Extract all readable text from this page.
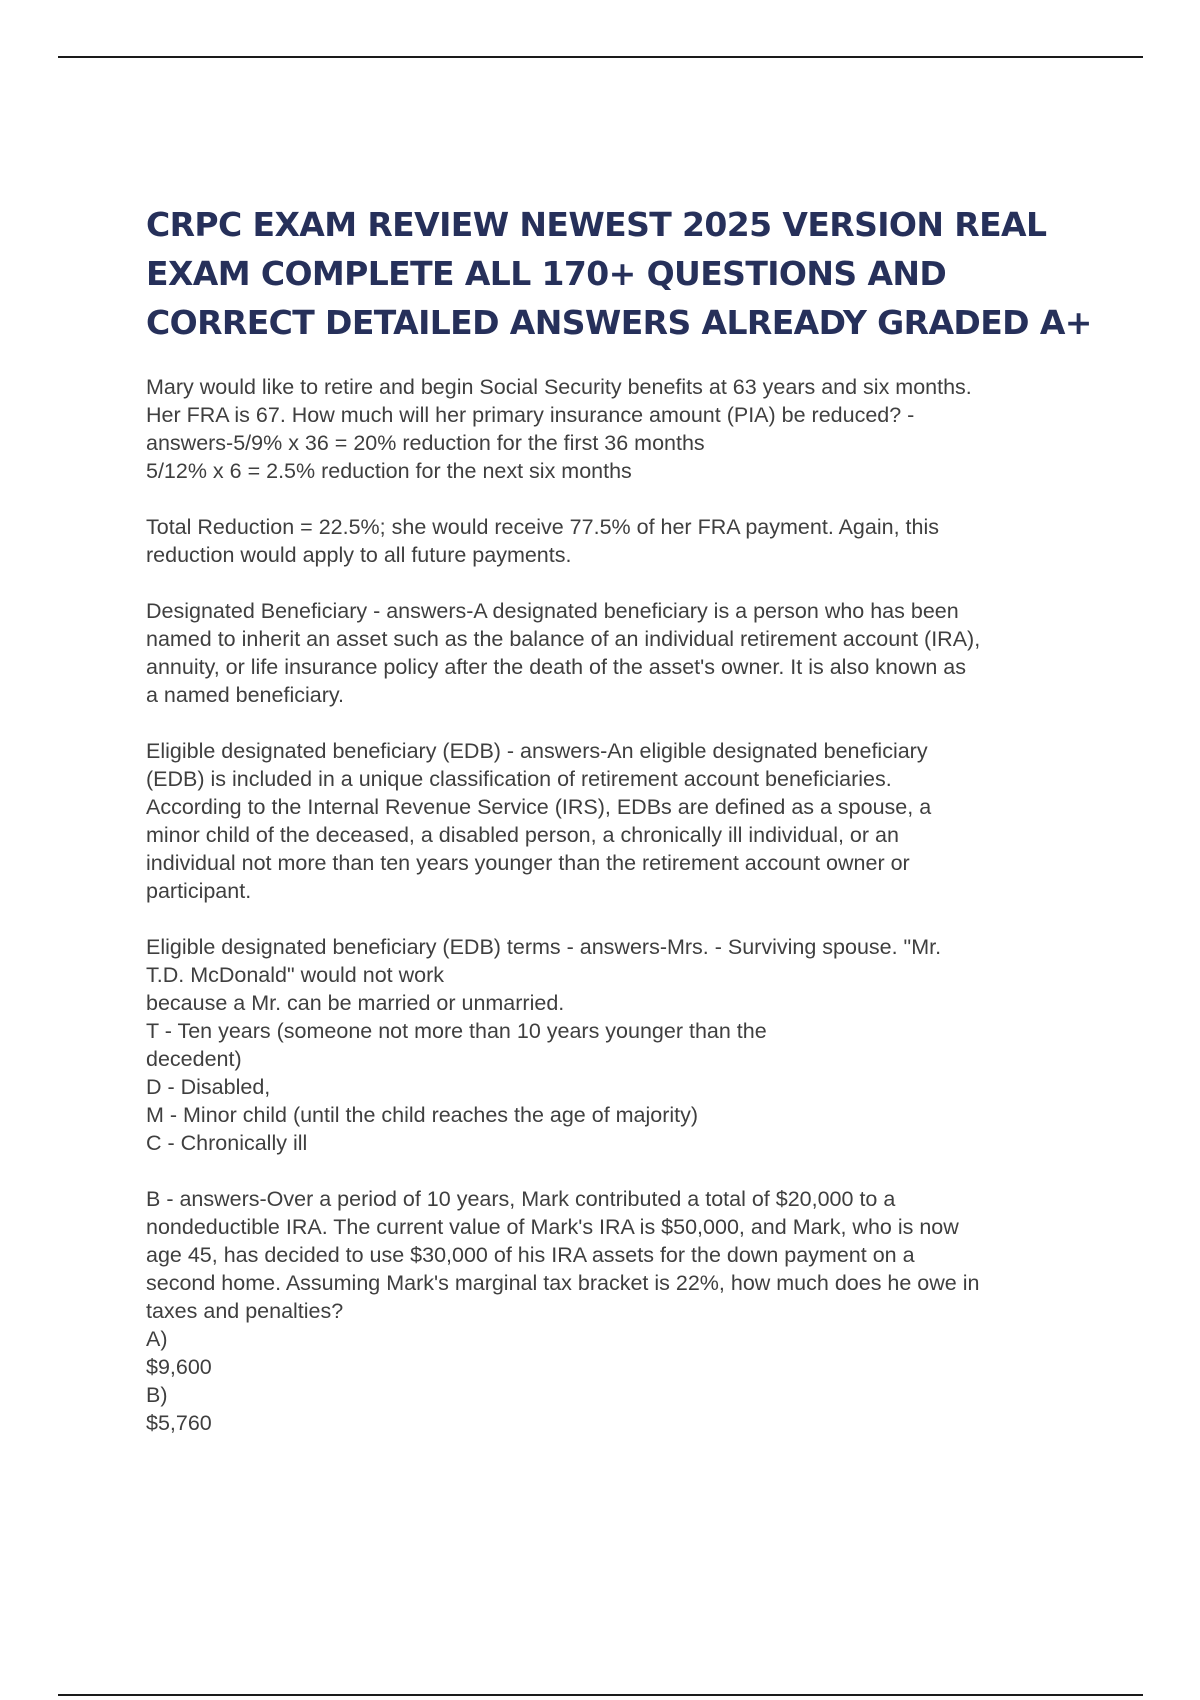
CRPC EXAM REVIEW NEWEST 2025 VERSION REAL
EXAM COMPLETE ALL 170+ QUESTIONS AND
CORRECT DETAILED ANSWERS ALREADY GRADED A+

Mary would like to retire and begin Social Security benefits at 63 years and six months.
Her FRA is 67. How much will her primary insurance amount (PIA) be reduced? -
answers-5/9% x 36 = 20% reduction for the first 36 months
5/12% x 6 = 2.5% reduction for the next six months

Total Reduction = 22.5%; she would receive 77.5% of her FRA payment. Again, this
reduction would apply to all future payments.

Designated Beneficiary - answers-A designated beneficiary is a person who has been
named to inherit an asset such as the balance of an individual retirement account (IRA),
annuity, or life insurance policy after the death of the asset's owner. It is also known as
a named beneficiary.

Eligible designated beneficiary (EDB) - answers-An eligible designated beneficiary
(EDB) is included in a unique classification of retirement account beneficiaries.
According to the Internal Revenue Service (IRS), EDBs are defined as a spouse, a
minor child of the deceased, a disabled person, a chronically ill individual, or an
individual not more than ten years younger than the retirement account owner or
participant.

Eligible designated beneficiary (EDB) terms - answers-Mrs. - Surviving spouse. "Mr.
T.D. McDonald" would not work
because a Mr. can be married or unmarried.
T - Ten years (someone not more than 10 years younger than the
decedent)
D - Disabled,
M - Minor child (until the child reaches the age of majority)
C - Chronically ill

B - answers-Over a period of 10 years, Mark contributed a total of $20,000 to a
nondeductible IRA. The current value of Mark's IRA is $50,000, and Mark, who is now
age 45, has decided to use $30,000 of his IRA assets for the down payment on a
second home. Assuming Mark's marginal tax bracket is 22%, how much does he owe in
taxes and penalties?
A)
$9,600
B)
$5,760
